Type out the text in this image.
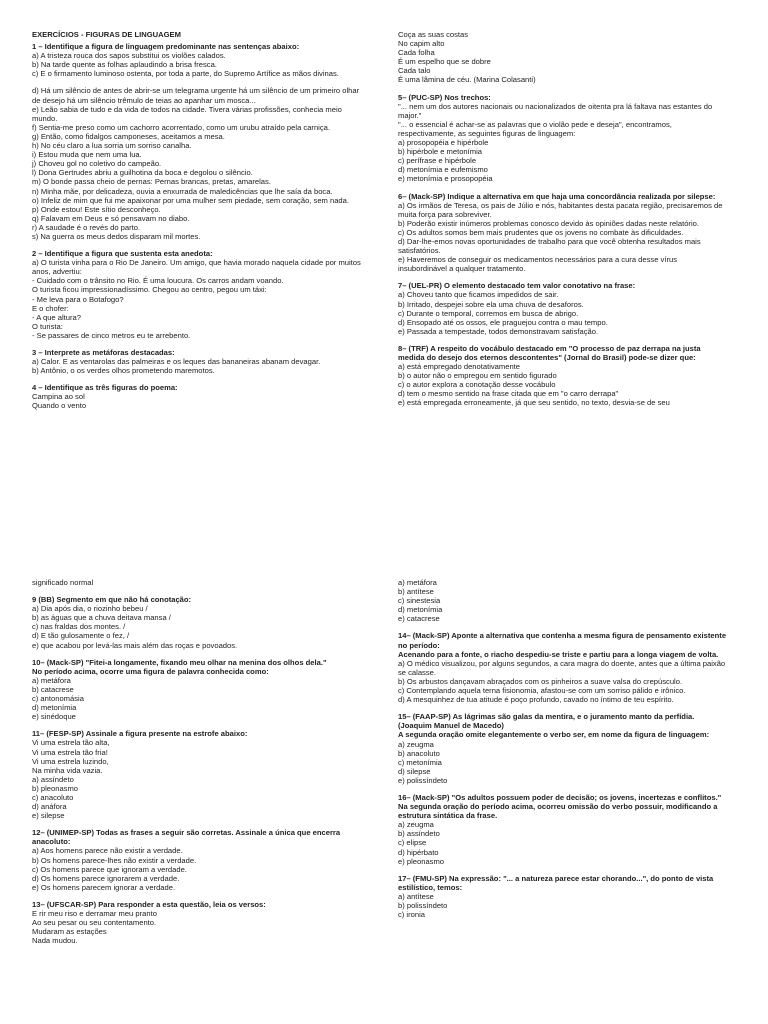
EXERCÍCIOS - FIGURAS DE LINGUAGEM
1 – Identifique a figura de linguagem predominante nas sentenças abaixo:
a) A tristeza rouca dos sapos substitui os violões calados.
b) Na tarde quente as folhas aplaudindo a brisa fresca.
c) E o firmamento luminoso ostenta, por toda a parte, do Supremo Artífice as mãos divinas.
d) Há um silêncio de antes de abrir-se um telegrama urgente há um silêncio de um primeiro olhar de desejo há um silêncio trêmulo de teias ao apanhar um mosca...
e) Leão sabia de tudo e da vida de todos na cidade. Tivera várias profissões, conhecia meio mundo.
f) Sentia-me preso como um cachorro acorrentado, como um urubu atraído pela carniça.
g) Então, como fidalgos camponeses, aceitamos a mesa.
h) No céu claro a lua sorria um sorriso canalha.
i) Estou muda que nem uma lua.
j) Choveu gol no coletivo do campeão.
l) Dona Gertrudes abriu a guilhotina da boca e degolou o silêncio.
m) O bonde passa cheio de pernas: Pernas brancas, pretas, amarelas.
n) Minha mãe, por delicadeza, ouvia a enxurrada de maledicências que lhe saía da boca.
o) Infeliz de mim que fui me apaixonar por uma mulher sem piedade, sem coração, sem nada.
p) Onde estou! Este sítio desconheço.
q) Falavam em Deus e só pensavam no diabo.
r) A saudade é o revés do parto.
s) Na guerra os meus dedos disparam mil mortes.
2 – Identifique a figura que sustenta esta anedota:
a) O turista vinha para o Rio De Janeiro. Um amigo, que havia morado naquela cidade por muitos anos, advertiu:
- Cuidado com o trânsito no Rio. É uma loucura. Os carros andam voando.
O turista ficou impressionadíssimo. Chegou ao centro, pegou um táxi:
- Me leva para o Botafogo?
E o chofer:
- A que altura?
O turista:
- Se passares de cinco metros eu te arrebento.
3 – Interprete as metáforas destacadas:
a) Calor. E as ventarolas das palmeiras e os leques das bananeiras abanam devagar.
b) Antônio, o os verdes olhos prometendo maremotos.
4 – Identifique as três figuras do poema:
Campina ao sol
Quando o vento
Coça as suas costas
No capim alto
Cada folha
É um espelho que se dobre
Cada talo
É uma lâmina de céu. (Marina Colasanti)
5– (PUC-SP) Nos trechos:
"... nem um dos autores nacionais ou nacionalizados de oitenta pra lá faltava nas estantes do major."
"... o essencial é achar-se as palavras que o violão pede e deseja", encontramos, respectivamente, as seguintes figuras de linguagem:
a) prosopopéia e hipérbole
b) hipérbole e metonímia
c) perífrase e hipérbole
d) metonímia e eufemismo
e) metonímia e prosopopéia
6– (Mack-SP) Indique a alternativa em que haja uma concordância realizada por silepse:
a) Os irmãos de Teresa, os pais de Júlio e nós, habitantes desta pacata região, precisaremos de muita força para sobreviver.
b) Poderão existir inúmeros problemas conosco devido às opiniões dadas neste relatório.
c) Os adultos somos bem mais prudentes que os jovens no combate às dificuldades.
d) Dar-lhe-emos novas oportunidades de trabalho para que você obtenha resultados mais satisfatórios.
e) Haveremos de conseguir os medicamentos necessários para a cura desse vírus insubordinável a qualquer tratamento.
7– (UEL-PR) O elemento destacado tem valor conotativo na frase:
a) Choveu tanto que ficamos impedidos de sair.
b) Irritado, despejei sobre ela uma chuva de desaforos.
c) Durante o temporal, corremos em busca de abrigo.
d) Ensopado até os ossos, ele praguejou contra o mau tempo.
e) Passada a tempestade, todos demonstravam satisfação.
8– (TRF) A respeito do vocábulo destacado em "O processo de paz derrapa na justa medida do desejo dos eternos descontentes" (Jornal do Brasil) pode-se dizer que:
a) está empregado denotativamente
b) o autor não o empregou em sentido figurado
c) o autor explora a conotação desse vocábulo
d) tem o mesmo sentido na frase citada que em "o carro derrapa"
e) está empregada erroneamente, já que seu sentido, no texto, desvia-se de seu
significado normal
9 (BB) Segmento em que não há conotação:
a) Dia após dia, o riozinho bebeu /
b) as águas que a chuva deitava mansa /
c) nas fraldas dos montes. /
d) E tão gulosamente o fez, /
e) que acabou por levá-las mais além das roças e povoados.
10– (Mack-SP) "Fitei-a longamente, fixando meu olhar na menina dos olhos dela."
No período acima, ocorre uma figura de palavra conhecida como:
a) metáfora
b) catacrese
c) antonomásia
d) metonímia
e) sinédoque
11– (FESP-SP) Assinale a figura presente na estrofe abaixo:
Vi uma estrela tão alta,
Vi uma estrela tão fria!
Vi uma estrela luzindo,
Na minha vida vazia.
a) assíndeto
b) pleonasmo
c) anacoluto
d) anáfora
e) silepse
12– (UNIMEP-SP) Todas as frases a seguir são corretas. Assinale a única que encerra anacoluto:
a) Aos homens parece não existir a verdade.
b) Os homens parece-lhes não existir a verdade.
c) Os homens parece que ignoram a verdade.
d) Os homens parece ignorarem a verdade.
e) Os homens parecem ignorar a verdade.
13– (UFSCAR-SP) Para responder a esta questão, leia os versos:
E rir meu riso e derramar meu pranto
Ao seu pesar ou seu contentamento.
Mudaram as estações
Nada mudou.
a) metáfora
b) antítese
c) sinestesia
d) metonímia
e) catacrese
14– (Mack-SP) Aponte a alternativa que contenha a mesma figura de pensamento existente no período:
Acenando para a fonte, o riacho despediu-se triste e partiu para a longa viagem de volta.
a) O médico visualizou, por alguns segundos, a cara magra do doente, antes que a última paixão se calasse.
b) Os arbustos dançavam abraçados com os pinheiros a suave valsa do crepúsculo.
c) Contemplando aquela terna fisionomia, afastou-se com um sorriso pálido e irônico.
d) A mesquinhez de tua atitude é poço profundo, cavado no íntimo de teu espírito.
15– (FAAP-SP) As lágrimas são galas da mentira, e o juramento manto da perfídia. (Joaquim Manuel de Macedo)
A segunda oração omite elegantemente o verbo ser, em nome da figura de linguagem:
a) zeugma
b) anacoluto
c) metonímia
d) silepse
e) polissíndeto
16– (Mack-SP) "Os adultos possuem poder de decisão; os jovens, incertezas e conflitos."
Na segunda oração do período acima, ocorreu omissão do verbo possuir, modificando a estrutura sintática da frase.
a) zeugma
b) assíndeto
c) elipse
d) hipérbato
e) pleonasmo
17– (FMU-SP) Na expressão: "... a natureza parece estar chorando...", do ponto de vista estilístico, temos:
a) antítese
b) polissíndeto
c) ironia
